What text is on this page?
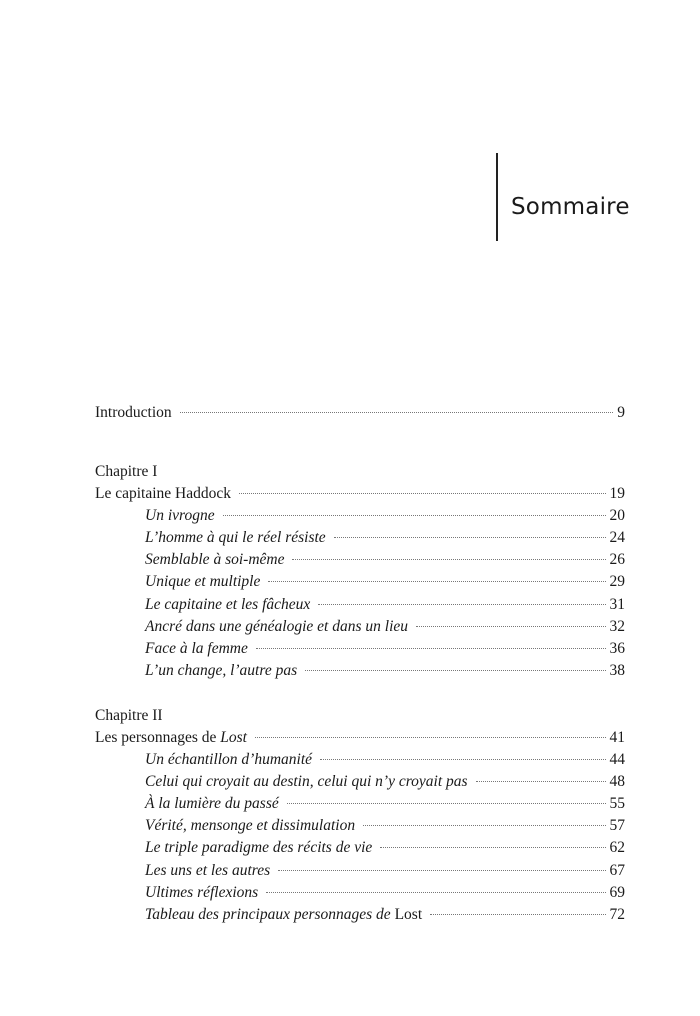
Sommaire
Introduction	9
Chapitre I
Le capitaine Haddock	19
Un ivrogne	20
L’homme à qui le réel résiste	24
Semblable à soi-même	26
Unique et multiple	29
Le capitaine et les fâcheux	31
Ancré dans une généalogie et dans un lieu	32
Face à la femme	36
L’un change, l’autre pas	38
Chapitre II
Les personnages de Lost	41
Un échantillon d’humanité	44
Celui qui croyait au destin, celui qui n’y croyait pas	48
À la lumière du passé	55
Vérité, mensonge et dissimulation	57
Le triple paradigme des récits de vie	62
Les uns et les autres	67
Ultimes réflexions	69
Tableau des principaux personnages de Lost	72
